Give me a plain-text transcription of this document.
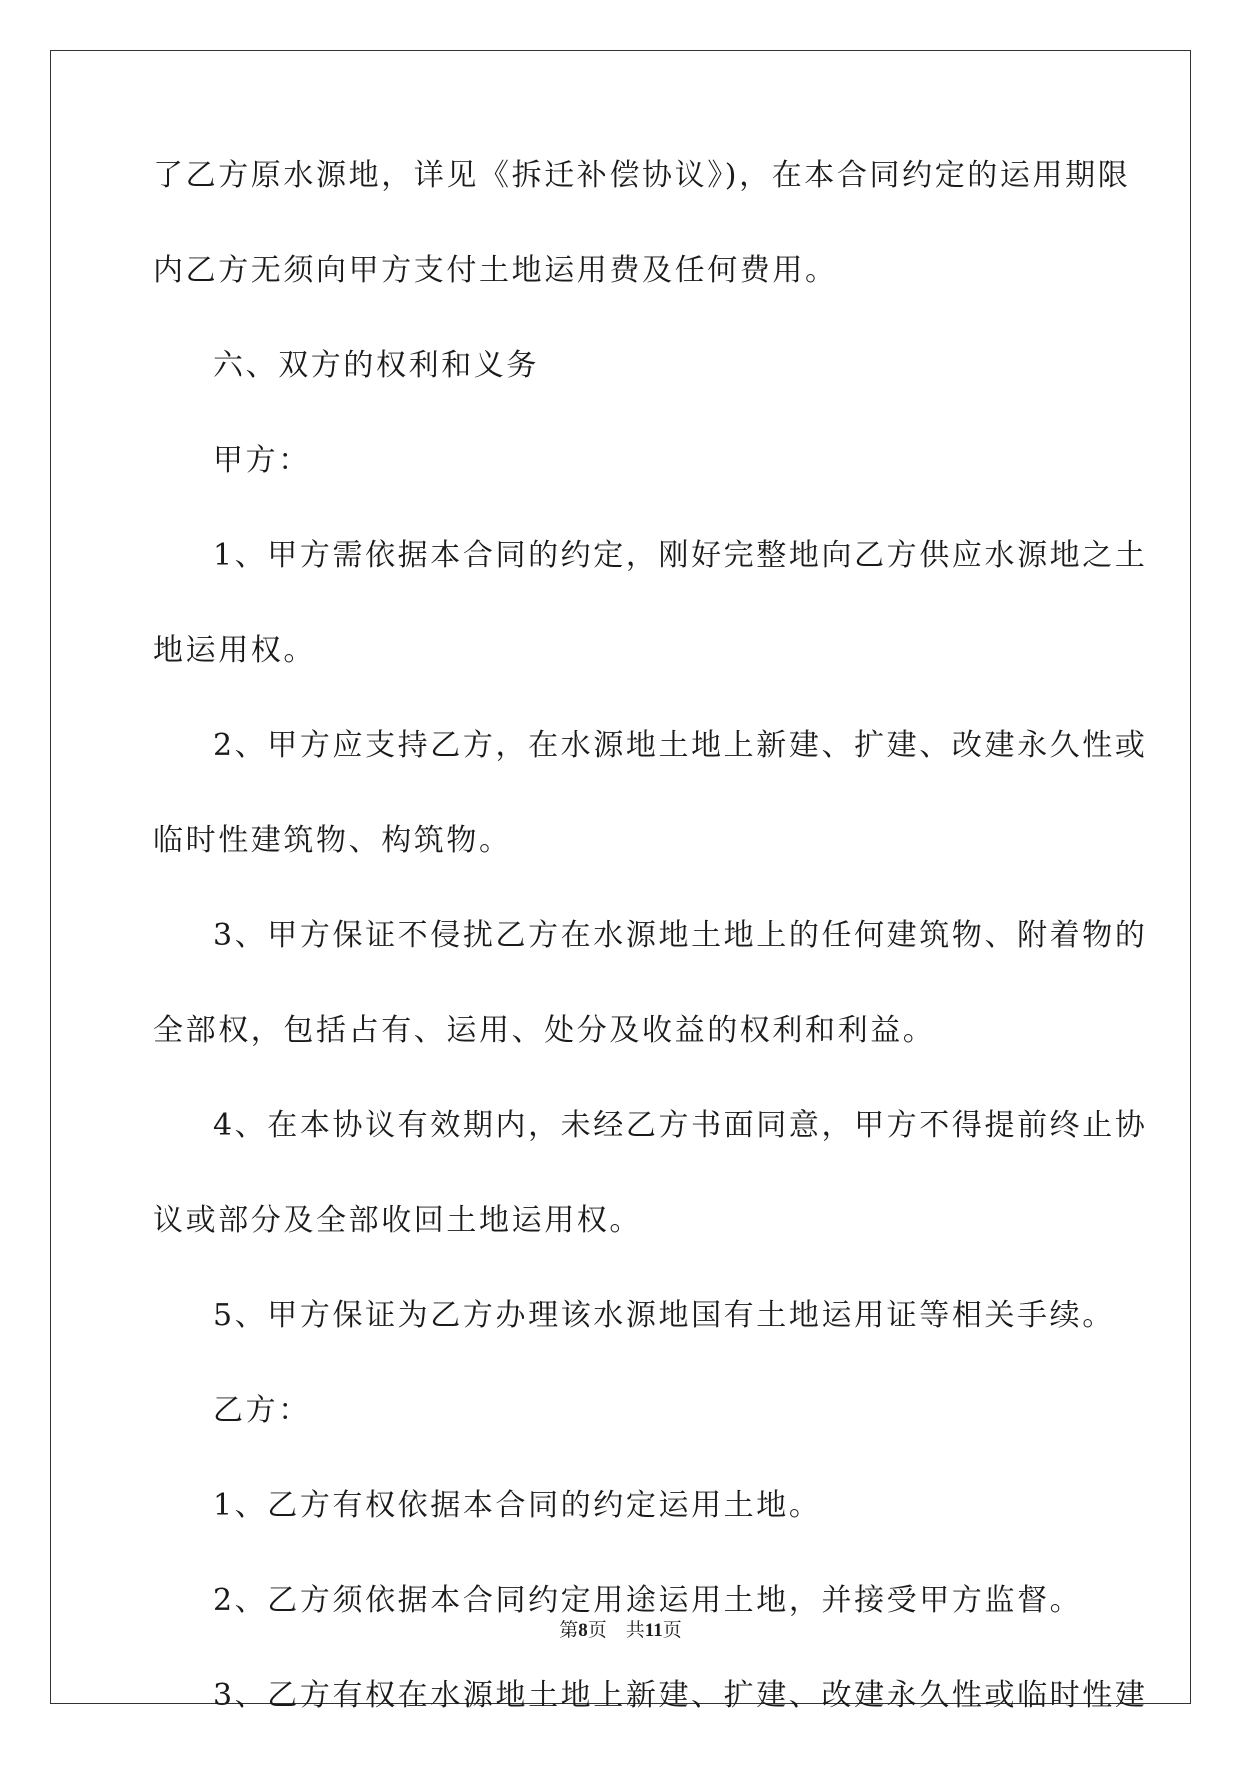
了乙方原水源地，详见《拆迁补偿协议》)，在本合同约定的运用期限
内乙方无须向甲方支付土地运用费及任何费用。
六、双方的权利和义务
甲方：
1、甲方需依据本合同的约定，刚好完整地向乙方供应水源地之土
地运用权。
2、甲方应支持乙方，在水源地土地上新建、扩建、改建永久性或
临时性建筑物、构筑物。
3、甲方保证不侵扰乙方在水源地土地上的任何建筑物、附着物的
全部权，包括占有、运用、处分及收益的权利和利益。
4、在本协议有效期内，未经乙方书面同意，甲方不得提前终止协
议或部分及全部收回土地运用权。
5、甲方保证为乙方办理该水源地国有土地运用证等相关手续。
乙方：
1、乙方有权依据本合同的约定运用土地。
2、乙方须依据本合同约定用途运用土地，并接受甲方监督。
3、乙方有权在水源地土地上新建、扩建、改建永久性或临时性建
第8页 共11页
